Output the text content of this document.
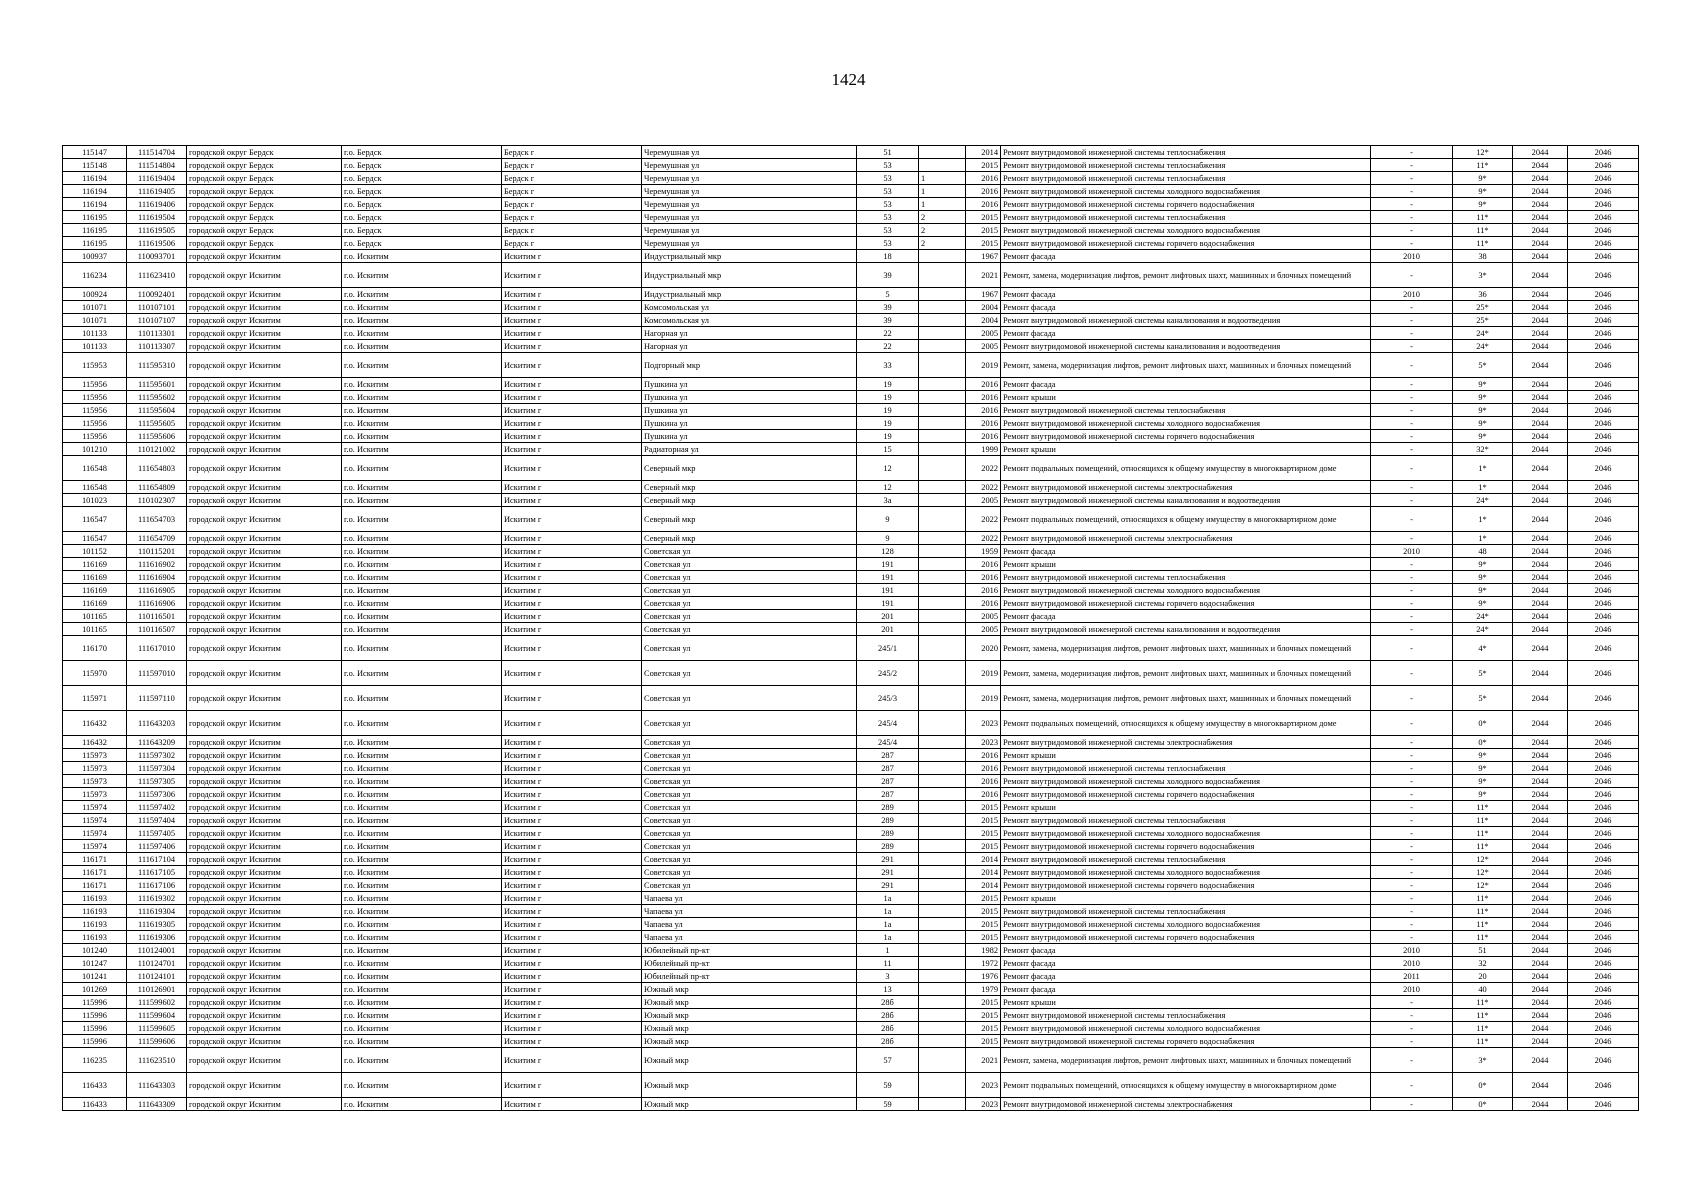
1424
115147	111514704	городской округ Бердск	г.о. Бердск	Бердск г	Черемушная ул	51		2014	Ремонт внутридомовой инженерной системы теплоснабжения	-	12*	2044	2046
115148	111514804	городской округ Бердск	г.о. Бердск	Бердск г	Черемушная ул	53		2015	Ремонт внутридомовой инженерной системы теплоснабжения	-	11*	2044	2046
116194	111619404	городской округ Бердск	г.о. Бердск	Бердск г	Черемушная ул	53	1	2016	Ремонт внутридомовой инженерной системы теплоснабжения	-	9*	2044	2046
116194	111619405	городской округ Бердск	г.о. Бердск	Бердск г	Черемушная ул	53	1	2016	Ремонт внутридомовой инженерной системы холодного водоснабжения	-	9*	2044	2046
116194	111619406	городской округ Бердск	г.о. Бердск	Бердск г	Черемушная ул	53	1	2016	Ремонт внутридомовой инженерной системы горячего водоснабжения	-	9*	2044	2046
116195	111619504	городской округ Бердск	г.о. Бердск	Бердск г	Черемушная ул	53	2	2015	Ремонт внутридомовой инженерной системы теплоснабжения	-	11*	2044	2046
116195	111619505	городской округ Бердск	г.о. Бердск	Бердск г	Черемушная ул	53	2	2015	Ремонт внутридомовой инженерной системы холодного водоснабжения	-	11*	2044	2046
116195	111619506	городской округ Бердск	г.о. Бердск	Бердск г	Черемушная ул	53	2	2015	Ремонт внутридомовой инженерной системы горячего водоснабжения	-	11*	2044	2046
100937	110093701	городской округ Искитим	г.о. Искитим	Искитим г	Индустриальный мкр	18		1967	Ремонт фасада	2010	38	2044	2046
116234	111623410	городской округ Искитим	г.о. Искитим	Искитим г	Индустриальный мкр	39		2021	Ремонт, замена, модернизация лифтов, ремонт лифтовых шахт, машинных и блочных помещений	-	3*	2044	2046
100924	110092401	городской округ Искитим	г.о. Искитим	Искитим г	Индустриальный мкр	5		1967	Ремонт фасада	2010	36	2044	2046
101071	110107101	городской округ Искитим	г.о. Искитим	Искитим г	Комсомольская ул	39		2004	Ремонт фасада	-	25*	2044	2046
101071	110107107	городской округ Искитим	г.о. Искитим	Искитим г	Комсомольская ул	39		2004	Ремонт внутридомовой инженерной системы канализования и водоотведения	-	25*	2044	2046
101133	110113301	городской округ Искитим	г.о. Искитим	Искитим г	Нагорная ул	22		2005	Ремонт фасада	-	24*	2044	2046
101133	110113307	городской округ Искитим	г.о. Искитим	Искитим г	Нагорная ул	22		2005	Ремонт внутридомовой инженерной системы канализования и водоотведения	-	24*	2044	2046
115953	111595310	городской округ Искитим	г.о. Искитим	Искитим г	Подгорный мкр	33		2019	Ремонт, замена, модернизация лифтов, ремонт лифтовых шахт, машинных и блочных помещений	-	5*	2044	2046
115956	111595601	городской округ Искитим	г.о. Искитим	Искитим г	Пушкина ул	19		2016	Ремонт фасада	-	9*	2044	2046
115956	111595602	городской округ Искитим	г.о. Искитим	Искитим г	Пушкина ул	19		2016	Ремонт крыши	-	9*	2044	2046
115956	111595604	городской округ Искитим	г.о. Искитим	Искитим г	Пушкина ул	19		2016	Ремонт внутридомовой инженерной системы теплоснабжения	-	9*	2044	2046
115956	111595605	городской округ Искитим	г.о. Искитим	Искитим г	Пушкина ул	19		2016	Ремонт внутридомовой инженерной системы холодного водоснабжения	-	9*	2044	2046
115956	111595606	городской округ Искитим	г.о. Искитим	Искитим г	Пушкина ул	19		2016	Ремонт внутридомовой инженерной системы горячего водоснабжения	-	9*	2044	2046
101210	110121002	городской округ Искитим	г.о. Искитим	Искитим г	Радиаторная ул	15		1999	Ремонт крыши	-	32*	2044	2046
116548	111654803	городской округ Искитим	г.о. Искитим	Искитим г	Северный мкр	12		2022	Ремонт подвальных помещений, относящихся к общему имуществу в многоквартирном доме	-	1*	2044	2046
116548	111654809	городской округ Искитим	г.о. Искитим	Искитим г	Северный мкр	12		2022	Ремонт внутридомовой инженерной системы электроснабжения	-	1*	2044	2046
101023	110102307	городской округ Искитим	г.о. Искитим	Искитим г	Северный мкр	3а		2005	Ремонт внутридомовой инженерной системы канализования и водоотведения	-	24*	2044	2046
116547	111654703	городской округ Искитим	г.о. Искитим	Искитим г	Северный мкр	9		2022	Ремонт подвальных помещений, относящихся к общему имуществу в многоквартирном доме	-	1*	2044	2046
116547	111654709	городской округ Искитим	г.о. Искитим	Искитим г	Северный мкр	9		2022	Ремонт внутридомовой инженерной системы электроснабжения	-	1*	2044	2046
101152	110115201	городской округ Искитим	г.о. Искитим	Искитим г	Советская ул	128		1959	Ремонт фасада	2010	48	2044	2046
116169	111616902	городской округ Искитим	г.о. Искитим	Искитим г	Советская ул	191		2016	Ремонт крыши	-	9*	2044	2046
116169	111616904	городской округ Искитим	г.о. Искитим	Искитим г	Советская ул	191		2016	Ремонт внутридомовой инженерной системы теплоснабжения	-	9*	2044	2046
116169	111616905	городской округ Искитим	г.о. Искитим	Искитим г	Советская ул	191		2016	Ремонт внутридомовой инженерной системы холодного водоснабжения	-	9*	2044	2046
116169	111616906	городской округ Искитим	г.о. Искитим	Искитим г	Советская ул	191		2016	Ремонт внутридомовой инженерной системы горячего водоснабжения	-	9*	2044	2046
101165	110116501	городской округ Искитим	г.о. Искитим	Искитим г	Советская ул	201		2005	Ремонт фасада	-	24*	2044	2046
101165	110116507	городской округ Искитим	г.о. Искитим	Искитим г	Советская ул	201		2005	Ремонт внутридомовой инженерной системы канализования и водоотведения	-	24*	2044	2046
116170	111617010	городской округ Искитим	г.о. Искитим	Искитим г	Советская ул	245/1		2020	Ремонт, замена, модернизация лифтов, ремонт лифтовых шахт, машинных и блочных помещений	-	4*	2044	2046
115970	111597010	городской округ Искитим	г.о. Искитим	Искитим г	Советская ул	245/2		2019	Ремонт, замена, модернизация лифтов, ремонт лифтовых шахт, машинных и блочных помещений	-	5*	2044	2046
115971	111597110	городской округ Искитим	г.о. Искитим	Искитим г	Советская ул	245/3		2019	Ремонт, замена, модернизация лифтов, ремонт лифтовых шахт, машинных и блочных помещений	-	5*	2044	2046
116432	111643203	городской округ Искитим	г.о. Искитим	Искитим г	Советская ул	245/4		2023	Ремонт подвальных помещений, относящихся к общему имуществу в многоквартирном доме	-	0*	2044	2046
116432	111643209	городской округ Искитим	г.о. Искитим	Искитим г	Советская ул	245/4		2023	Ремонт внутридомовой инженерной системы электроснабжения	-	0*	2044	2046
115973	111597302	городской округ Искитим	г.о. Искитим	Искитим г	Советская ул	287		2016	Ремонт крыши	-	9*	2044	2046
115973	111597304	городской округ Искитим	г.о. Искитим	Искитим г	Советская ул	287		2016	Ремонт внутридомовой инженерной системы теплоснабжения	-	9*	2044	2046
115973	111597305	городской округ Искитим	г.о. Искитим	Искитим г	Советская ул	287		2016	Ремонт внутридомовой инженерной системы холодного водоснабжения	-	9*	2044	2046
115973	111597306	городской округ Искитим	г.о. Искитим	Искитим г	Советская ул	287		2016	Ремонт внутридомовой инженерной системы горячего водоснабжения	-	9*	2044	2046
115974	111597402	городской округ Искитим	г.о. Искитим	Искитим г	Советская ул	289		2015	Ремонт крыши	-	11*	2044	2046
115974	111597404	городской округ Искитим	г.о. Искитим	Искитим г	Советская ул	289		2015	Ремонт внутридомовой инженерной системы теплоснабжения	-	11*	2044	2046
115974	111597405	городской округ Искитим	г.о. Искитим	Искитим г	Советская ул	289		2015	Ремонт внутридомовой инженерной системы холодного водоснабжения	-	11*	2044	2046
115974	111597406	городской округ Искитим	г.о. Искитим	Искитим г	Советская ул	289		2015	Ремонт внутридомовой инженерной системы горячего водоснабжения	-	11*	2044	2046
116171	111617104	городской округ Искитим	г.о. Искитим	Искитим г	Советская ул	291		2014	Ремонт внутридомовой инженерной системы теплоснабжения	-	12*	2044	2046
116171	111617105	городской округ Искитим	г.о. Искитим	Искитим г	Советская ул	291		2014	Ремонт внутридомовой инженерной системы холодного водоснабжения	-	12*	2044	2046
116171	111617106	городской округ Искитим	г.о. Искитим	Искитим г	Советская ул	291		2014	Ремонт внутридомовой инженерной системы горячего водоснабжения	-	12*	2044	2046
116193	111619302	городской округ Искитим	г.о. Искитим	Искитим г	Чапаева ул	1а		2015	Ремонт крыши	-	11*	2044	2046
116193	111619304	городской округ Искитим	г.о. Искитим	Искитим г	Чапаева ул	1а		2015	Ремонт внутридомовой инженерной системы теплоснабжения	-	11*	2044	2046
116193	111619305	городской округ Искитим	г.о. Искитим	Искитим г	Чапаева ул	1а		2015	Ремонт внутридомовой инженерной системы холодного водоснабжения	-	11*	2044	2046
116193	111619306	городской округ Искитим	г.о. Искитим	Искитим г	Чапаева ул	1а		2015	Ремонт внутридомовой инженерной системы горячего водоснабжения	-	11*	2044	2046
101240	110124001	городской округ Искитим	г.о. Искитим	Искитим г	Юбилейный пр-кт	1		1982	Ремонт фасада	2010	51	2044	2046
101247	110124701	городской округ Искитим	г.о. Искитим	Искитим г	Юбилейный пр-кт	11		1972	Ремонт фасада	2010	32	2044	2046
101241	110124101	городской округ Искитим	г.о. Искитим	Искитим г	Юбилейный пр-кт	3		1976	Ремонт фасада	2011	20	2044	2046
101269	110126901	городской округ Искитим	г.о. Искитим	Искитим г	Южный мкр	13		1979	Ремонт фасада	2010	40	2044	2046
115996	111599602	городской округ Искитим	г.о. Искитим	Искитим г	Южный мкр	28б		2015	Ремонт крыши	-	11*	2044	2046
115996	111599604	городской округ Искитим	г.о. Искитим	Искитим г	Южный мкр	28б		2015	Ремонт внутридомовой инженерной системы теплоснабжения	-	11*	2044	2046
115996	111599605	городской округ Искитим	г.о. Искитим	Искитим г	Южный мкр	28б		2015	Ремонт внутридомовой инженерной системы холодного водоснабжения	-	11*	2044	2046
115996	111599606	городской округ Искитим	г.о. Искитим	Искитим г	Южный мкр	28б		2015	Ремонт внутридомовой инженерной системы горячего водоснабжения	-	11*	2044	2046
116235	111623510	городской округ Искитим	г.о. Искитим	Искитим г	Южный мкр	57		2021	Ремонт, замена, модернизация лифтов, ремонт лифтовых шахт, машинных и блочных помещений	-	3*	2044	2046
116433	111643303	городской округ Искитим	г.о. Искитим	Искитим г	Южный мкр	59		2023	Ремонт подвальных помещений, относящихся к общему имуществу в многоквартирном доме	-	0*	2044	2046
116433	111643309	городской округ Искитим	г.о. Искитим	Искитим г	Южный мкр	59		2023	Ремонт внутридомовой инженерной системы электроснабжения	-	0*	2044	2046
